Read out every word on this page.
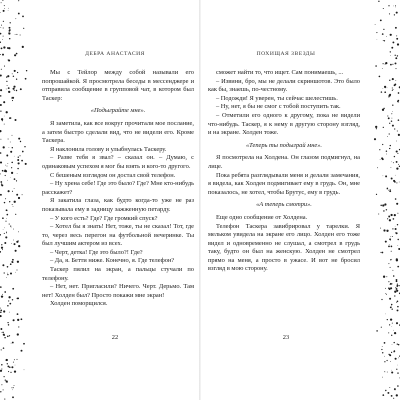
ДЕБРА АНАСТАСИЯ

Мы с Тейлор между собой называли его попрошайкой. Я просмотрела беседы в мессенджере и отправила сообщение в групповой чат, в котором был Таскер:

«Подыграйте мне».

Я заметила, как все вокруг прочитали мое послание, а затем быстро сделали вид, что не видели его. Кроме Таскера.

Я наклонила голову и улыбнулась Таскеру.

– Разве тебя я звал? – сказал он. – Думаю, с одинаковым успехом я мог бы взять и кого-то другого.

С бешеным взглядом он достал свой телефон.

– Ну хрена себе! Где это было? Где? Мне кто-нибудь расскажет?

Я закатила глаза, как будто когда-то уже не раз показывала ему в задницу зажженную петарду.

– У кого есть? Где? Где громкий спуск?

– Хотел бы я знать! Нет, тоже, ты не сказал! Тот, где то, через весь перегон на футбольной вечеринке. Ты был лучшим актером из всех.

– Черт, детка! Где это было?! Где?

– Да, я. Бетти ниже. Конечно, я. Где телефон?

Таскер пялил на экран, а пальцы стучали по телефону.

– Нет, нет. Пригласили? Ничего. Черт. Дерьмо. Там нет! Холден был? Просто покажи мне экран!

Холден поморщился.

22
ПОХИЩАЯ ЗВЕЗДЫ

сможет найти то, что ищет. Сам понимаешь, ...

– Извини, бро, мы не делали скриншотов. Это было как бы, знаешь, по-честному.

– Подожди! Я уверен, ты сейчас шелестишь.

– Ну, нет, я бы не смог с тобой поступить так.

– Отметили его одного к другому, пока не видели что-нибудь. Таскер, я к нему в другую сторону взгляд, и на экране. Холден тоже.

«Теперь ты подыграй мне».

Я посмотрела на Холдена. Он глазом подмигнул, на лице.

Пока ребята разглядывали меня и делали замечания, я видела, как Холден подмигивает ему в грудь. Он, мне показалось, не хотел, чтобы Брутус, ему в грудь.

«А теперь смотри».

Еще одно сообщение от Холдена.

Телефон Таскера завибрировал у тарелки. Я мельком увидела на экране его лицо. Холден его тоже видел и одновременно не слушал, а смотрел в грудь таку, будто он был на женскую. Холден не смотрел прямо на меня, а просто в ужасе. И вот не бросил взгляд в мою сторону.

23
